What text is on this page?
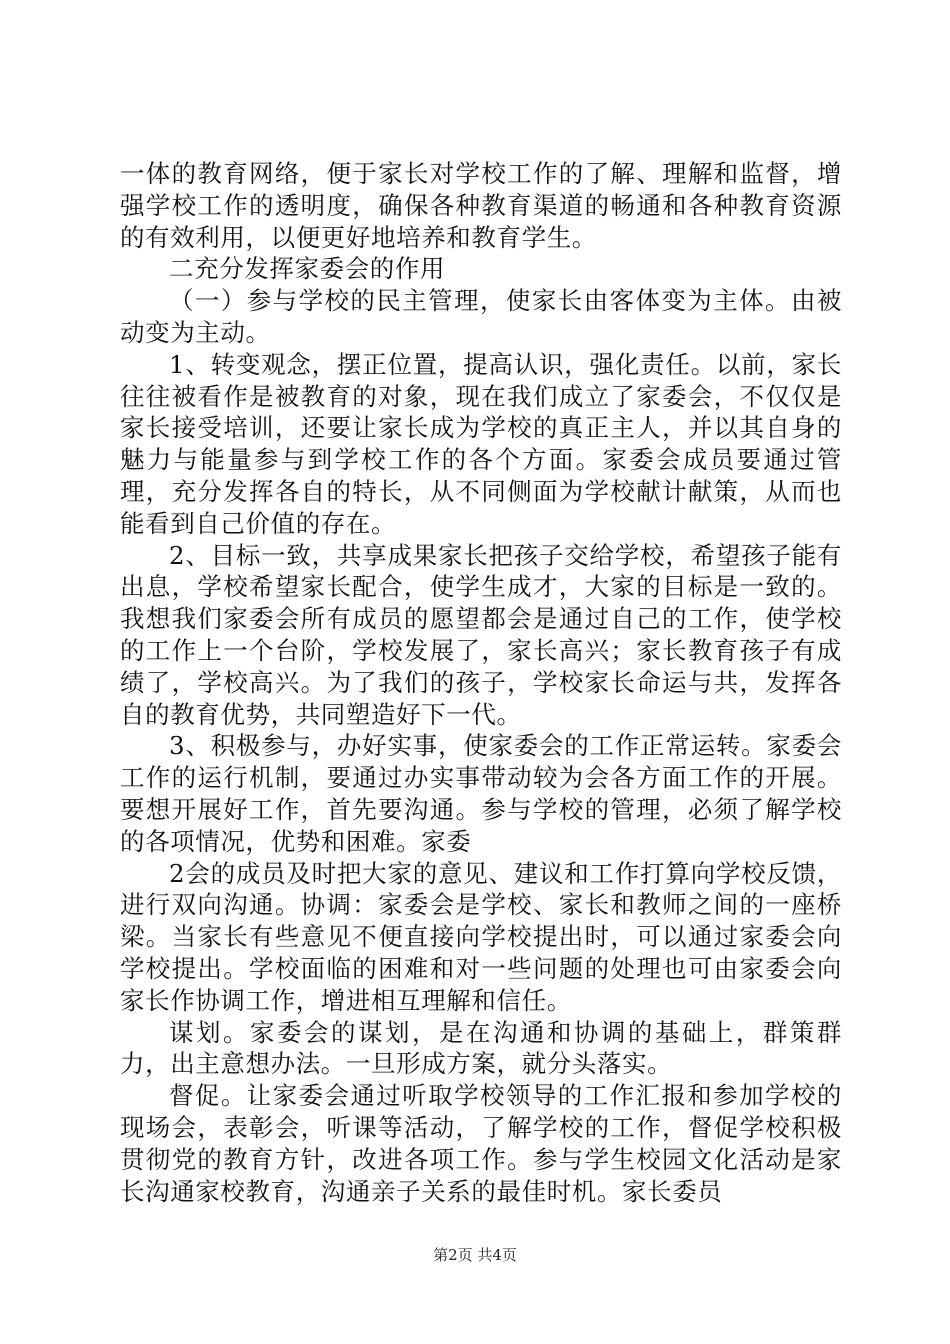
一体的教育网络，便于家长对学校工作的了解、理解和监督，增强学校工作的透明度，确保各种教育渠道的畅通和各种教育资源的有效利用，以便更好地培养和教育学生。

二充分发挥家委会的作用

（一）参与学校的民主管理，使家长由客体变为主体。由被动变为主动。

1、转变观念，摆正位置，提高认识，强化责任。以前，家长往往被看作是被教育的对象，现在我们成立了家委会，不仅仅是家长接受培训，还要让家长成为学校的真正主人，并以其自身的魅力与能量参与到学校工作的各个方面。家委会成员要通过管理，充分发挥各自的特长，从不同侧面为学校献计献策，从而也能看到自己价值的存在。

2、目标一致，共享成果家长把孩子交给学校，希望孩子能有出息，学校希望家长配合，使学生成才，大家的目标是一致的。我想我们家委会所有成员的愿望都会是通过自己的工作，使学校的工作上一个台阶，学校发展了，家长高兴；家长教育孩子有成绩了，学校高兴。为了我们的孩子，学校家长命运与共，发挥各自的教育优势，共同塑造好下一代。

3、积极参与，办好实事，使家委会的工作正常运转。家委会工作的运行机制，要通过办实事带动较为会各方面工作的开展。要想开展好工作，首先要沟通。参与学校的管理，必须了解学校的各项情况，优势和困难。家委

2会的成员及时把大家的意见、建议和工作打算向学校反馈，进行双向沟通。协调：家委会是学校、家长和教师之间的一座桥梁。当家长有些意见不便直接向学校提出时，可以通过家委会向学校提出。学校面临的困难和对一些问题的处理也可由家委会向家长作协调工作，增进相互理解和信任。

谋划。家委会的谋划，是在沟通和协调的基础上，群策群力，出主意想办法。一旦形成方案，就分头落实。

督促。让家委会通过听取学校领导的工作汇报和参加学校的现场会，表彰会，听课等活动，了解学校的工作，督促学校积极贯彻党的教育方针，改进各项工作。参与学生校园文化活动是家长沟通家校教育，沟通亲子关系的最佳时机。家长委员

第2页 共4页
